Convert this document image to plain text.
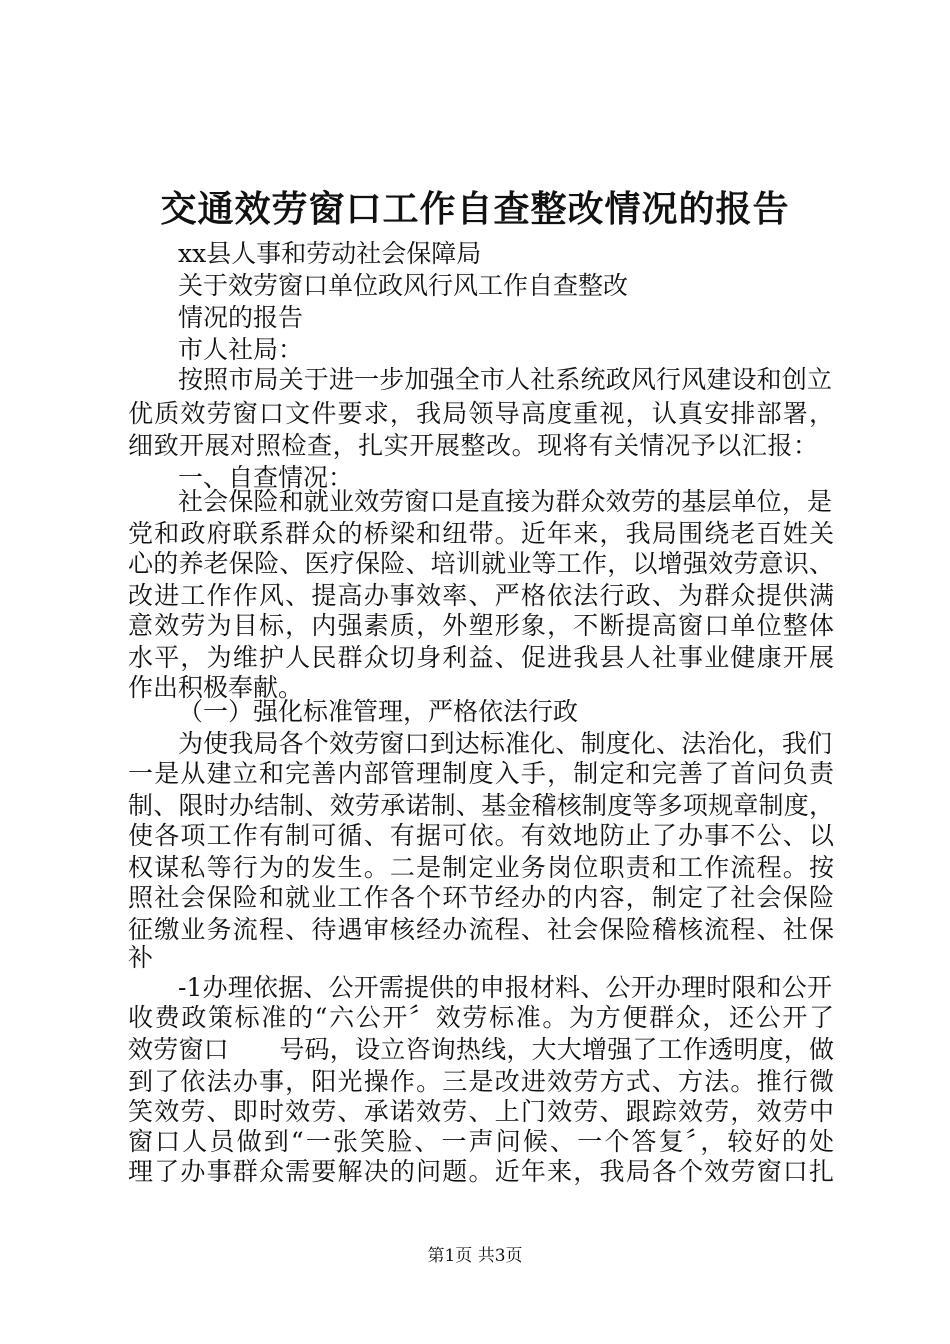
交通效劳窗口工作自查整改情况的报告
xx县人事和劳动社会保障局
关于效劳窗口单位政风行风工作自查整改
情况的报告
市人社局：
按照市局关于进一步加强全市人社系统政风行风建设和创立
优质效劳窗口文件要求，我局领导高度重视，认真安排部署，
细致开展对照检查，扎实开展整改。现将有关情况予以汇报：
一、自查情况：
社会保险和就业效劳窗口是直接为群众效劳的基层单位，是
党和政府联系群众的桥梁和纽带。近年来，我局围绕老百姓关
心的养老保险、医疗保险、培训就业等工作，以增强效劳意识、
改进工作作风、提高办事效率、严格依法行政、为群众提供满
意效劳为目标，内强素质，外塑形象，不断提高窗口单位整体
水平，为维护人民群众切身利益、促进我县人社事业健康开展
作出积极奉献。
（一）强化标准管理，严格依法行政
为使我局各个效劳窗口到达标准化、制度化、法治化，我们
一是从建立和完善内部管理制度入手，制定和完善了首问负责
制、限时办结制、效劳承诺制、基金稽核制度等多项规章制度，
使各项工作有制可循、有据可依。有效地防止了办事不公、以
权谋私等行为的发生。二是制定业务岗位职责和工作流程。按
照社会保险和就业工作各个环节经办的内容，制定了社会保险
征缴业务流程、待遇审核经办流程、社会保险稽核流程、社保
补
-1办理依据、公开需提供的申报材料、公开办理时限和公开
收费政策标准的“六公开〞效劳标准。为方便群众，还公开了
效劳窗口　　号码，设立咨询热线，大大增强了工作透明度，做
到了依法办事，阳光操作。三是改进效劳方式、方法。推行微
笑效劳、即时效劳、承诺效劳、上门效劳、跟踪效劳，效劳中
窗口人员做到“一张笑脸、一声问候、一个答复〞，较好的处
理了办事群众需要解决的问题。近年来，我局各个效劳窗口扎
第1页 共3页
